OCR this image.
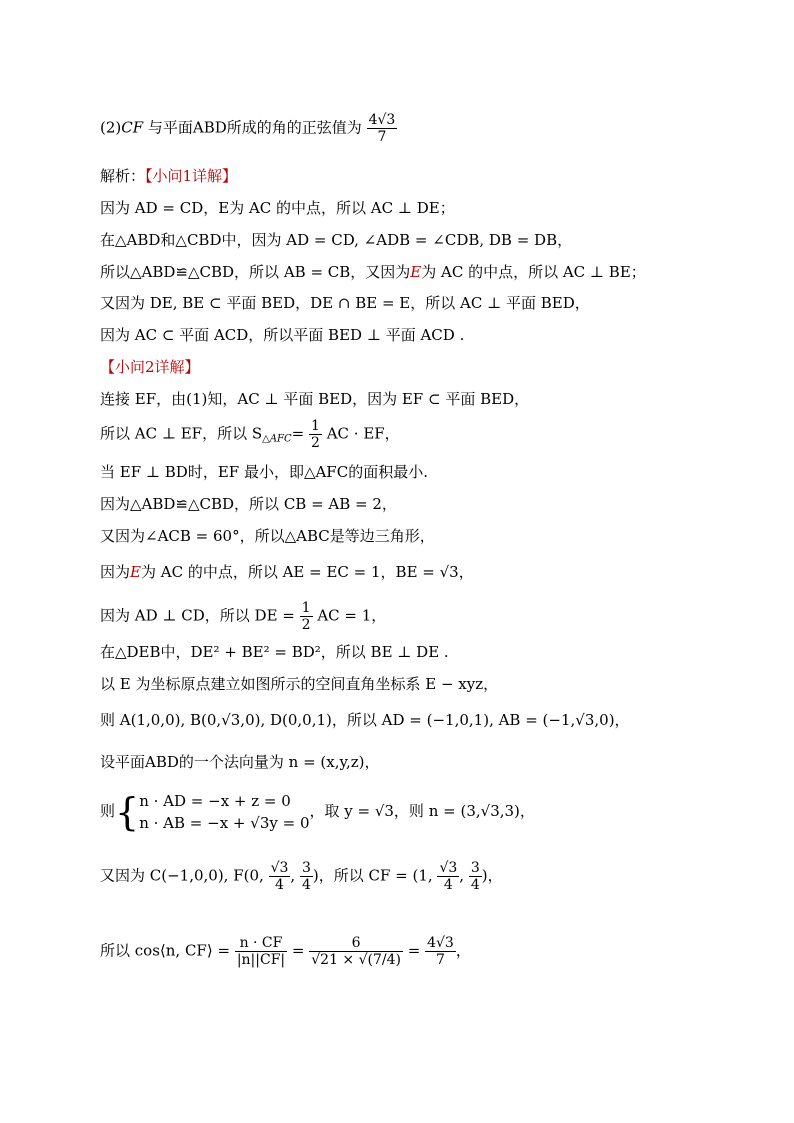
(2)CF 与平面ABD所成的角的正弦值为 $\frac{4√3}{7}$
解析：【小问1详解】
因为 AD = CD，E为 AC 的中点，所以 AC ⊥ DE；
在△ABD和△CBD中，因为 AD = CD, ∠ADB = ∠CDB, DB = DB，
所以△ABD≌△CBD，所以 AB = CB，又因为E为 AC 的中点，所以 AC ⊥ BE；
又因为 DE, BE ⊂ 平面 BED，DE ∩ BE = E，所以 AC ⊥ 平面 BED，
因为 AC ⊂ 平面 ACD，所以平面 BED ⊥ 平面 ACD .
【小问2详解】
连接 EF，由(1)知，AC ⊥ 平面 BED，因为 EF ⊂ 平面 BED，
所以 AC ⊥ EF，所以 $S_{\triangle AFC}= \frac{1}{2}$ AC · EF，
当 EF ⊥ BD时，EF 最小，即△AFC的面积最小.
因为△ABD≌△CBD，所以 CB = AB = 2，
又因为∠ACB = 60°，所以△ABC是等边三角形，
因为E为 AC 的中点，所以 AE = EC = 1，BE = √3，
因为 AD ⊥ CD，所以 DE = $\frac{1}{2}$ AC = 1，
在△DEB中，DE² + BE² = BD²，所以 BE ⊥ DE .
以 E 为坐标原点建立如图所示的空间直角坐标系 E − xyz，
则 A(1,0,0), B(0,√3,0), D(0,0,1)，所以 AD = (−1,0,1), AB = (−1,√3,0)，
设平面ABD的一个法向量为 n = (x,y,z)，
则{ n · AD = −x + z = 0
n · AB = −x + √3y = 0
，取 y = √3，则 n = (3,√3,3)，
又因为 C(−1,0,0), F(0, $\frac{√3}{4}$ , $\frac{3}{4}$ )，所以 CF = (1, $\frac{√3}{4}$ , $\frac{3}{4}$ )，
所以 cos⟨n, CF⟩ = $\frac{n \cdot CF}{|n||CF|} = \frac{6}{√21 \times √(7/4)} = \frac{4√3}{7}$ ，
